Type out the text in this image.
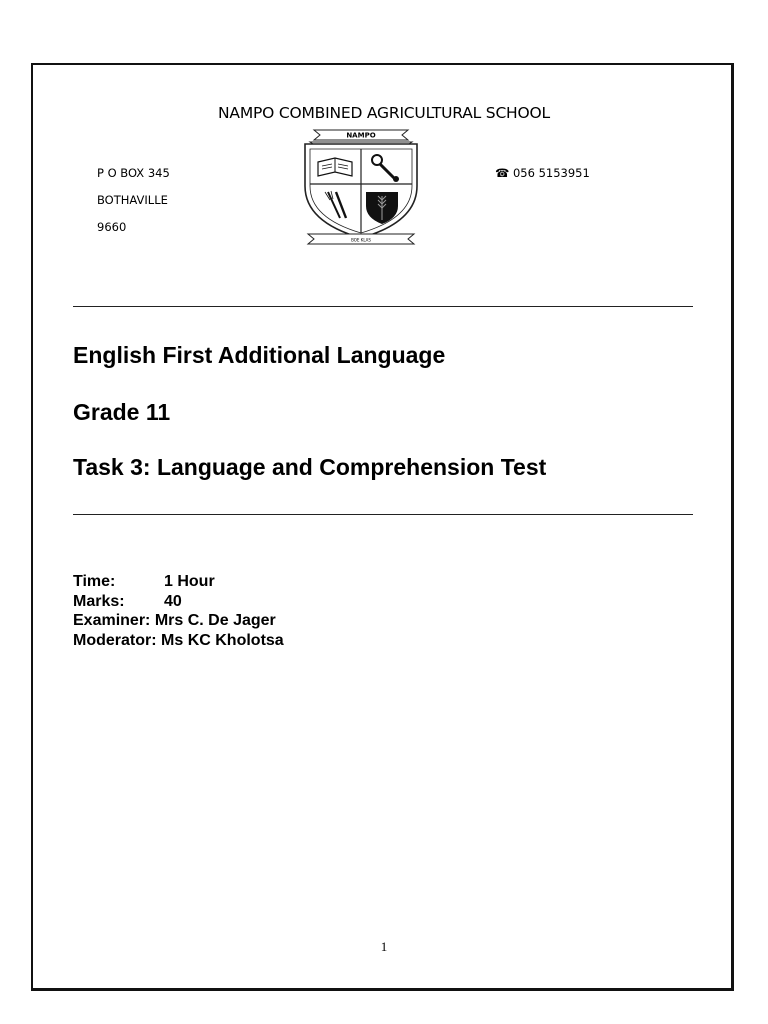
NAMPO COMBINED AGRICULTURAL SCHOOL
P O BOX 345
BOTHAVILLE
9660
☎ 056 5153951
NAMPO
BOE KLAS
English First Additional Language
Grade 11
Task 3: Language and Comprehension Test
Time:	1 Hour
Marks: 40
Examiner: Mrs C. De Jager
Moderator: Ms KC Kholotsa
1
